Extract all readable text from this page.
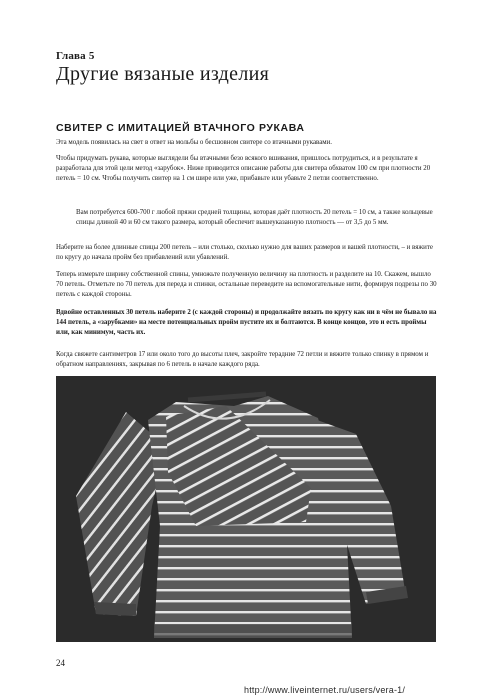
Глава 5
Другие вязаные изделия
СВИТЕР С ИМИТАЦИЕЙ ВТАЧНОГО РУКАВА

Эта модель появилась на свет в ответ на мольбы о бесшовном свитере со втачными рукавами.

Чтобы придумать рукава, которые выглядели бы втачными безо всякого вшивания, пришлось потрудиться, и в результате я разработала для этой цели метод «зарубок». Ниже приводится описание работы для свитера обхватом 100 см при плотности 20 петель = 10 см. Чтобы получить свитер на 1 см шире или уже, прибавьте или убавьте 2 петли соответственно.

Вам потребуется 600-700 г любой пряжи средней толщины, которая даёт плотность 20 петель = 10 см, а также кольцевые спицы длиной 40 и 60 см такого размера, который обеспечит вышеуказанную плотность — от 3,5 до 5 мм.

Наберите на более длинные спицы 200 петель – или столько, сколько нужно для ваших размеров и вашей плотности, – и вяжите по кругу до начала пройм без прибавлений или убавлений.

Теперь измерьте ширину собственной спины, умножьте полученную величину на плотность и разделите на 10. Скажем, вышло 70 петель. Отметьте по 70 петель для переда и спинки, остальные переведите на вспомогательные нити, формируя подрезы по 30 петель с каждой стороны.

Вдвойне оставленных 30 петель наберите 2 (с каждой стороны) и продолжайте вязать по кругу как ни в чём не бывало на 144 петель, а «зарубками» на месте потенциальных пройм пустите их и болтаются. В конце концов, это и есть проймы или, как минимум, часть их.

Когда свяжете сантиметров 17 или около того до высоты плеч, закройте терадние 72 петли и вяжите только спинку в прямом и обратном направлениях, закрывая по 6 петель в начале каждого ряда.

24
http://www.liveinternet.ru/users/vera-1/
